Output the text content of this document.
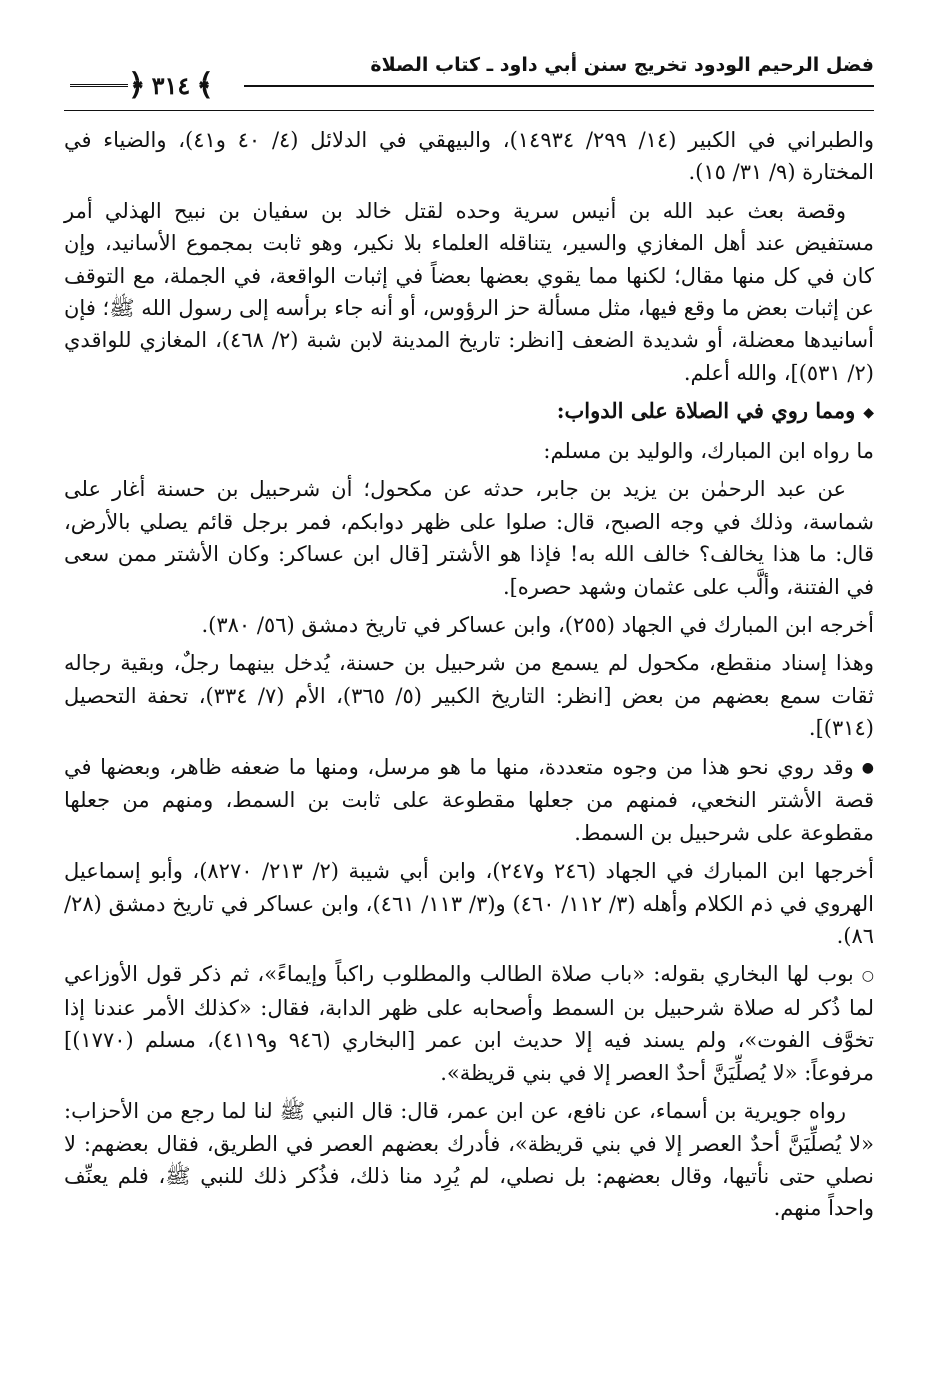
فضل الرحيم الودود تخريج سنن أبي داود ـ كتاب الصلاة
﴿ ٣١٤ ﴾

والطبراني في الكبير (١٤/ ٢٩٩/ ١٤٩٣٤)، والبيهقي في الدلائل (٤/ ٤٠ و٤١)، والضياء في المختارة (٩/ ٣١/ ١٥).

وقصة بعث عبد الله بن أنيس سرية وحده لقتل خالد بن سفيان بن نبيح الهذلي أمر مستفيض عند أهل المغازي والسير، يتناقله العلماء بلا نكير، وهو ثابت بمجموع الأسانيد، وإن كان في كل منها مقال؛ لكنها مما يقوي بعضها بعضاً في إثبات الواقعة، في الجملة، مع التوقف عن إثبات بعض ما وقع فيها، مثل مسألة حز الرؤوس، أو أنه جاء برأسه إلى رسول الله ﷺ؛ فإن أسانيدها معضلة، أو شديدة الضعف [انظر: تاريخ المدينة لابن شبة (٢/ ٤٦٨)، المغازي للواقدي (٢/ ٥٣١)]، والله أعلم.

◆ومما روي في الصلاة على الدواب:

ما رواه ابن المبارك، والوليد بن مسلم:

عن عبد الرحمٰن بن يزيد بن جابر، حدثه عن مكحول؛ أن شرحبيل بن حسنة أغار على شماسة، وذلك في وجه الصبح، قال: صلوا على ظهر دوابكم، فمر برجل قائم يصلي بالأرض، قال: ما هذا يخالف؟ خالف الله به! فإذا هو الأشتر [قال ابن عساكر: وكان الأشتر ممن سعى في الفتنة، وألَّب على عثمان وشهد حصره].

أخرجه ابن المبارك في الجهاد (٢٥٥)، وابن عساكر في تاريخ دمشق (٥٦/ ٣٨٠).

وهذا إسناد منقطع، مكحول لم يسمع من شرحبيل بن حسنة، يُدخل بينهما رجلٌ، وبقية رجاله ثقات سمع بعضهم من بعض [انظر: التاريخ الكبير (٥/ ٣٦٥)، الأم (٧/ ٣٣٤)، تحفة التحصيل (٣١٤)].

●وقد روي نحو هذا من وجوه متعددة، منها ما هو مرسل، ومنها ما ضعفه ظاهر، وبعضها في قصة الأشتر النخعي، فمنهم من جعلها مقطوعة على ثابت بن السمط، ومنهم من جعلها مقطوعة على شرحبيل بن السمط.

أخرجها ابن المبارك في الجهاد (٢٤٦ و٢٤٧)، وابن أبي شيبة (٢/ ٢١٣/ ٨٢٧٠)، وأبو إسماعيل الهروي في ذم الكلام وأهله (٣/ ١١٢/ ٤٦٠) و(٣/ ١١٣/ ٤٦١)، وابن عساكر في تاريخ دمشق (٢٨/ ٨٦).

○بوب لها البخاري بقوله: «باب صلاة الطالب والمطلوب راكباً وإيماءً»، ثم ذكر قول الأوزاعي لما ذُكر له صلاة شرحبيل بن السمط وأصحابه على ظهر الدابة، فقال: «كذلك الأمر عندنا إذا تخوَّف الفوت»، ولم يسند فيه إلا حديث ابن عمر [البخاري (٩٤٦ و٤١١٩)، مسلم (١٧٧٠)] مرفوعاً: «لا يُصلِّيَنَّ أحدٌ العصر إلا في بني قريظة».

رواه جويرية بن أسماء، عن نافع، عن ابن عمر، قال: قال النبي ﷺ لنا لما رجع من الأحزاب: «لا يُصلِّيَنَّ أحدٌ العصر إلا في بني قريظة»، فأدرك بعضهم العصر في الطريق، فقال بعضهم: لا نصلي حتى نأتيها، وقال بعضهم: بل نصلي، لم يُرِد منا ذلك، فذُكر ذلك للنبي ﷺ، فلم يعنِّف واحداً منهم.
